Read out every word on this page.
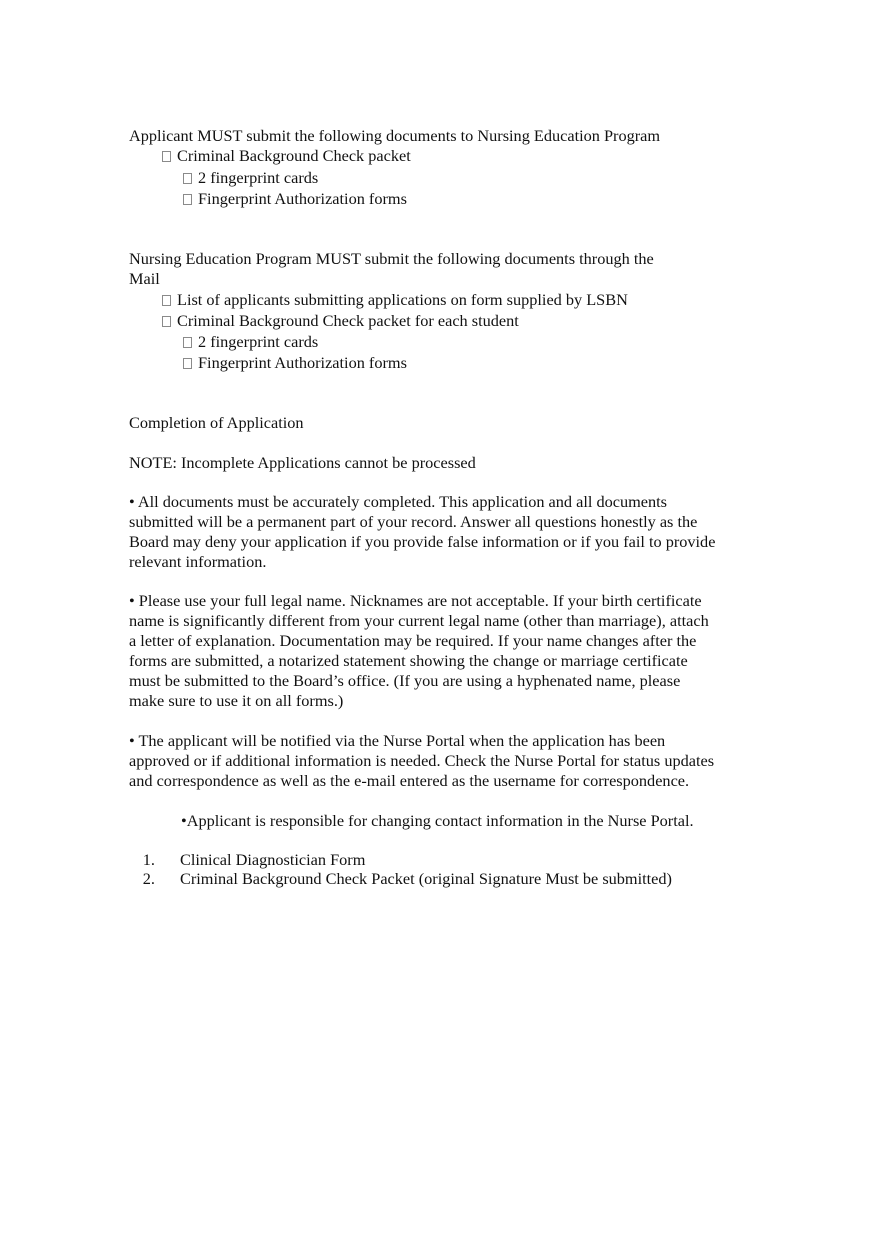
Applicant MUST submit the following documents to Nursing Education Program
Criminal Background Check packet
2 fingerprint cards
Fingerprint Authorization forms
Nursing Education Program MUST submit the following documents through the
Mail
List of applicants submitting applications on form supplied by LSBN
Criminal Background Check packet for each student
2 fingerprint cards
Fingerprint Authorization forms
Completion of Application
NOTE: Incomplete Applications cannot be processed
• All documents must be accurately completed. This application and all documents
submitted will be a permanent part of your record. Answer all questions honestly as the
Board may deny your application if you provide false information or if you fail to provide
relevant information.
• Please use your full legal name. Nicknames are not acceptable. If your birth certificate
name is significantly different from your current legal name (other than marriage), attach
a letter of explanation. Documentation may be required. If your name changes after the
forms are submitted, a notarized statement showing the change or marriage certificate
must be submitted to the Board’s office. (If you are using a hyphenated name, please
make sure to use it on all forms.)
• The applicant will be notified via the Nurse Portal when the application has been
approved or if additional information is needed. Check the Nurse Portal for status updates
and correspondence as well as the e-mail entered as the username for correspondence.
•Applicant is responsible for changing contact information in the Nurse Portal.
1. Clinical Diagnostician Form
2. Criminal Background Check Packet (original Signature Must be submitted)
